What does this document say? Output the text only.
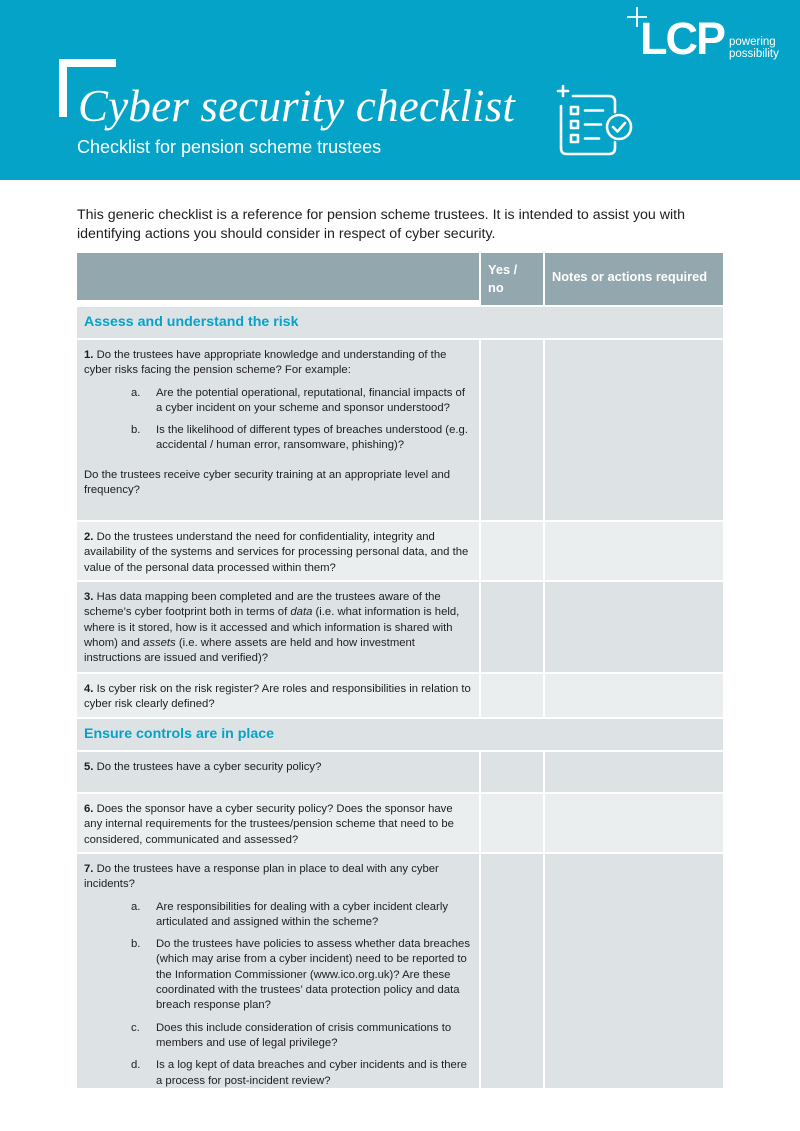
LCP powering
possibility
Cyber security checklist
Checklist for pension scheme trustees
This generic checklist is a reference for pension scheme trustees. It is intended to assist you with identifying actions you should consider in respect of cyber security.
Yes / no
Notes or actions required
Assess and understand the risk
1. Do the trustees have appropriate knowledge and understanding of the cyber risks facing the pension scheme? For example:
a.	Are the potential operational, reputational, financial impacts of a cyber incident on your scheme and sponsor understood?
b.	Is the likelihood of different types of breaches understood (e.g. accidental / human error, ransomware, phishing)?
Do the trustees receive cyber security training at an appropriate level and frequency?
2. Do the trustees understand the need for confidentiality, integrity and availability of the systems and services for processing personal data, and the value of the personal data processed within them?
3. Has data mapping been completed and are the trustees aware of the scheme’s cyber footprint both in terms of data (i.e. what information is held, where is it stored, how is it accessed and which information is shared with whom) and assets (i.e. where assets are held and how investment instructions are issued and verified)?
4. Is cyber risk on the risk register? Are roles and responsibilities in relation to cyber risk clearly defined?
Ensure controls are in place
5. Do the trustees have a cyber security policy?
6. Does the sponsor have a cyber security policy? Does the sponsor have any internal requirements for the trustees/pension scheme that need to be considered, communicated and assessed?
7. Do the trustees have a response plan in place to deal with any cyber incidents?
a.	Are responsibilities for dealing with a cyber incident clearly articulated and assigned within the scheme?
b.	Do the trustees have policies to assess whether data breaches (which may arise from a cyber incident) need to be reported to the Information Commissioner (www.ico.org.uk)? Are these coordinated with the trustees’ data protection policy and data breach response plan?
c.	Does this include consideration of crisis communications to members and use of legal privilege?
d.	Is a log kept of data breaches and cyber incidents and is there a process for post-incident review?
